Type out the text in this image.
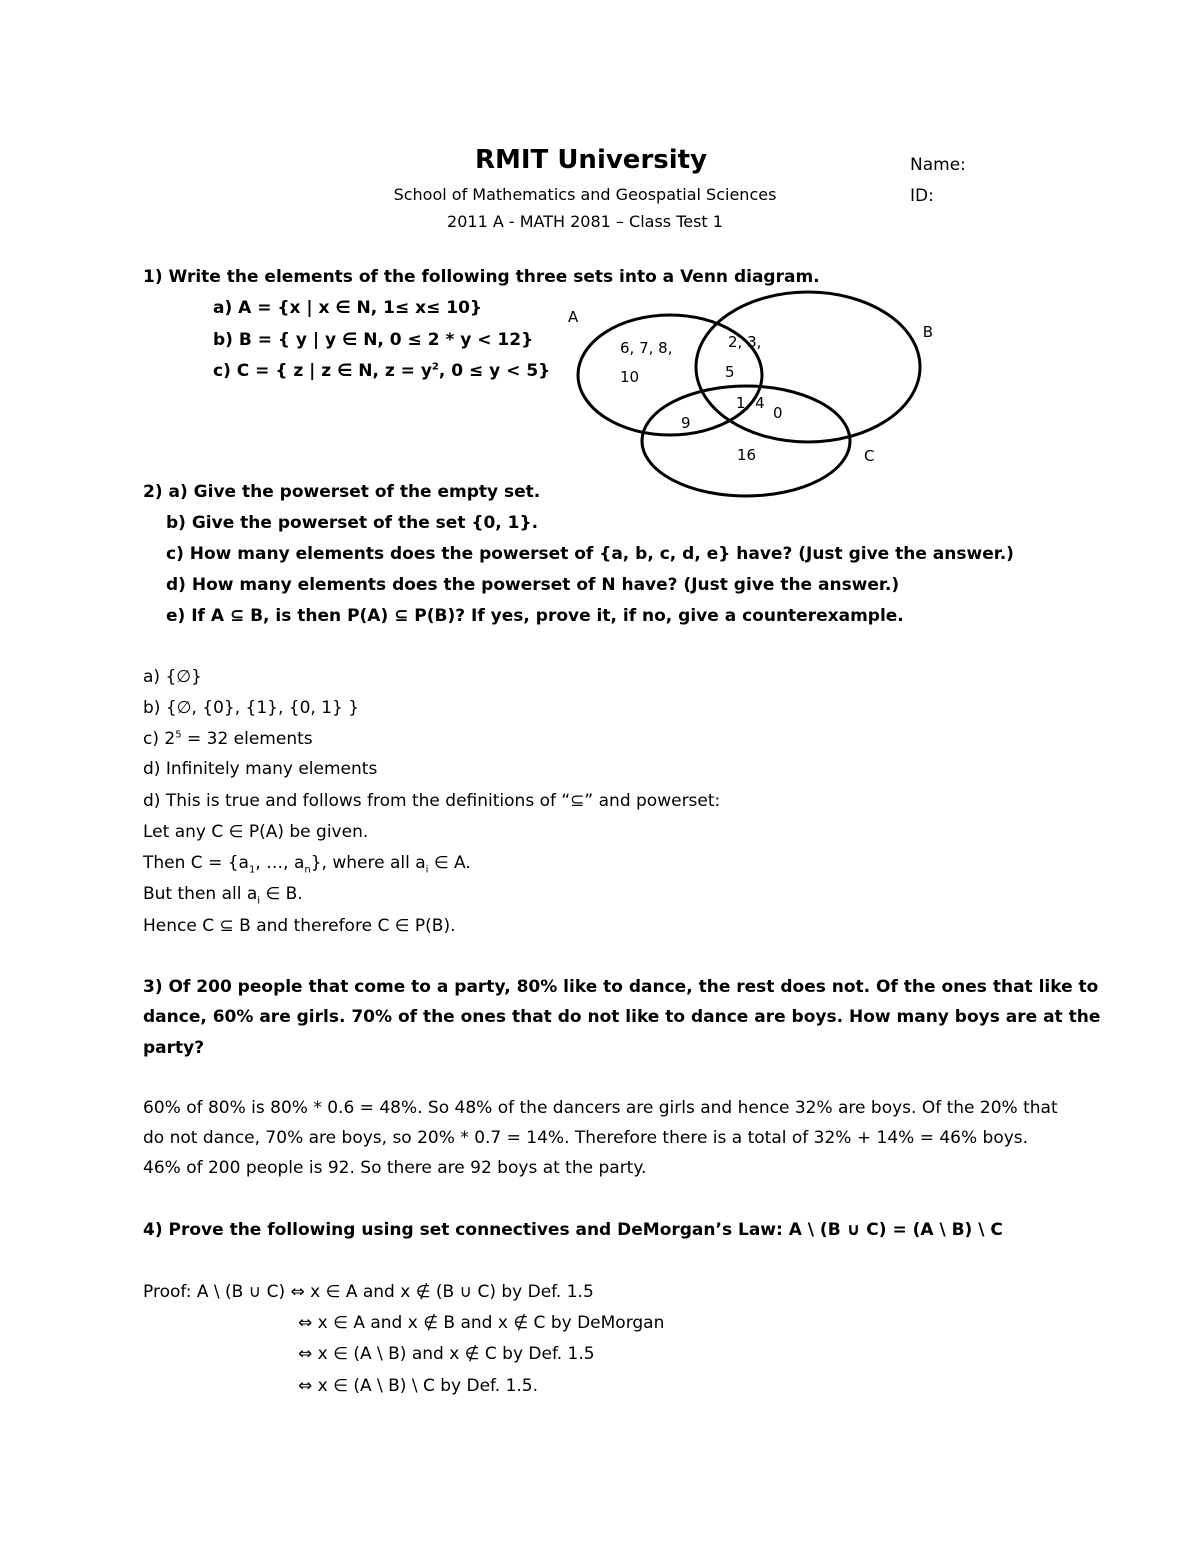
RMIT University
School of Mathematics and Geospatial Sciences
2011 A - MATH 2081 – Class Test 1
Name:
ID:
1) Write the elements of the following three sets into a Venn diagram.
a) A = {x | x ∈ N, 1≤ x≤ 10}
b) B = { y | y ∈ N, 0 ≤ 2 * y < 12}
c) C = { z | z ∈ N, $z = y^2$, 0 ≤ y < 5}
A
B
C
6, 7, 8,
10
2, 3,
5
1, 4
0
9
16
2) a) Give the powerset of the empty set.
b) Give the powerset of the set {0, 1}.
c) How many elements does the powerset of {a, b, c, d, e} have? (Just give the answer.)
d) How many elements does the powerset of N have? (Just give the answer.)
e) If A ⊆ B, is then P(A) ⊆ P(B)? If yes, prove it, if no, give a counterexample.
a) {∅}
b) {∅, {0}, {1}, {0, 1} }
c) $2^5 = 32$ elements
d) Infinitely many elements
d) This is true and follows from the definitions of “⊆” and powerset:
Let any C ∈ P(A) be given.
Then $C = \{a_1$, …, $a_n$}, where all $a_i$ ∈ A.
But then all $a_i$ ∈ B.
Hence C ⊆ B and therefore C ∈ P(B).
3) Of 200 people that come to a party, 80% like to dance, the rest does not. Of the ones that like to
dance, 60% are girls. 70% of the ones that do not like to dance are boys. How many boys are at the
party?
60% of 80% is 80% * 0.6 = 48%. So 48% of the dancers are girls and hence 32% are boys. Of the 20% that
do not dance, 70% are boys, so 20% * 0.7 = 14%. Therefore there is a total of 32% + 14% = 46% boys.
46% of 200 people is 92. So there are 92 boys at the party.
4) Prove the following using set connectives and DeMorgan’s Law: A \ (B ∪ C) = (A \ B) \ C
Proof: A \ (B ∪ C) ⇔ x ∈ A and x ∉ (B ∪ C) by Def. 1.5
⇔ x ∈ A and x ∉ B and x ∉ C by DeMorgan
⇔ x ∈ (A \ B) and x ∉ C by Def. 1.5
⇔ x ∈ (A \ B) \ C by Def. 1.5.
